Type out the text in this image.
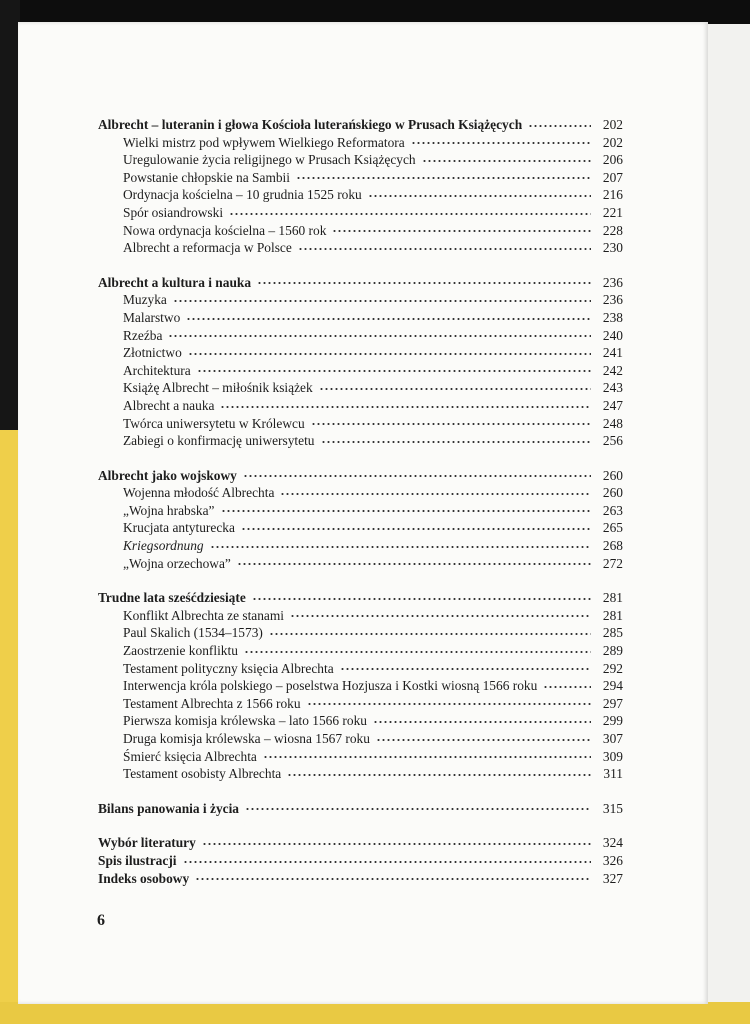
Albrecht – luteranin i głowa Kościoła luterańskiego w Prusach Książęcych	202
Wielki mistrz pod wpływem Wielkiego Reformatora	202
Uregulowanie życia religijnego w Prusach Książęcych	206
Powstanie chłopskie na Sambii	207
Ordynacja kościelna – 10 grudnia 1525 roku	216
Spór osiandrowski	221
Nowa ordynacja kościelna – 1560 rok	228
Albrecht a reformacja w Polsce	230
Albrecht a kultura i nauka	236
Muzyka	236
Malarstwo	238
Rzeźba	240
Złotnictwo	241
Architektura	242
Książę Albrecht – miłośnik książek	243
Albrecht a nauka	247
Twórca uniwersytetu w Królewcu	248
Zabiegi o konfirmację uniwersytetu	256
Albrecht jako wojskowy	260
Wojenna młodość Albrechta	260
„Wojna hrabska”	263
Krucjata antyturecka	265
Kriegsordnung	268
„Wojna orzechowa”	272
Trudne lata sześćdziesiąte	281
Konflikt Albrechta ze stanami	281
Paul Skalich (1534–1573)	285
Zaostrzenie konfliktu	289
Testament polityczny księcia Albrechta	292
Interwencja króla polskiego – poselstwa Hozjusza i Kostki wiosną 1566 roku	294
Testament Albrechta z 1566 roku	297
Pierwsza komisja królewska – lato 1566 roku	299
Druga komisja królewska – wiosna 1567 roku	307
Śmierć księcia Albrechta	309
Testament osobisty Albrechta	311
Bilans panowania i życia	315
Wybór literatury	324
Spis ilustracji	326
Indeks osobowy	327
6
